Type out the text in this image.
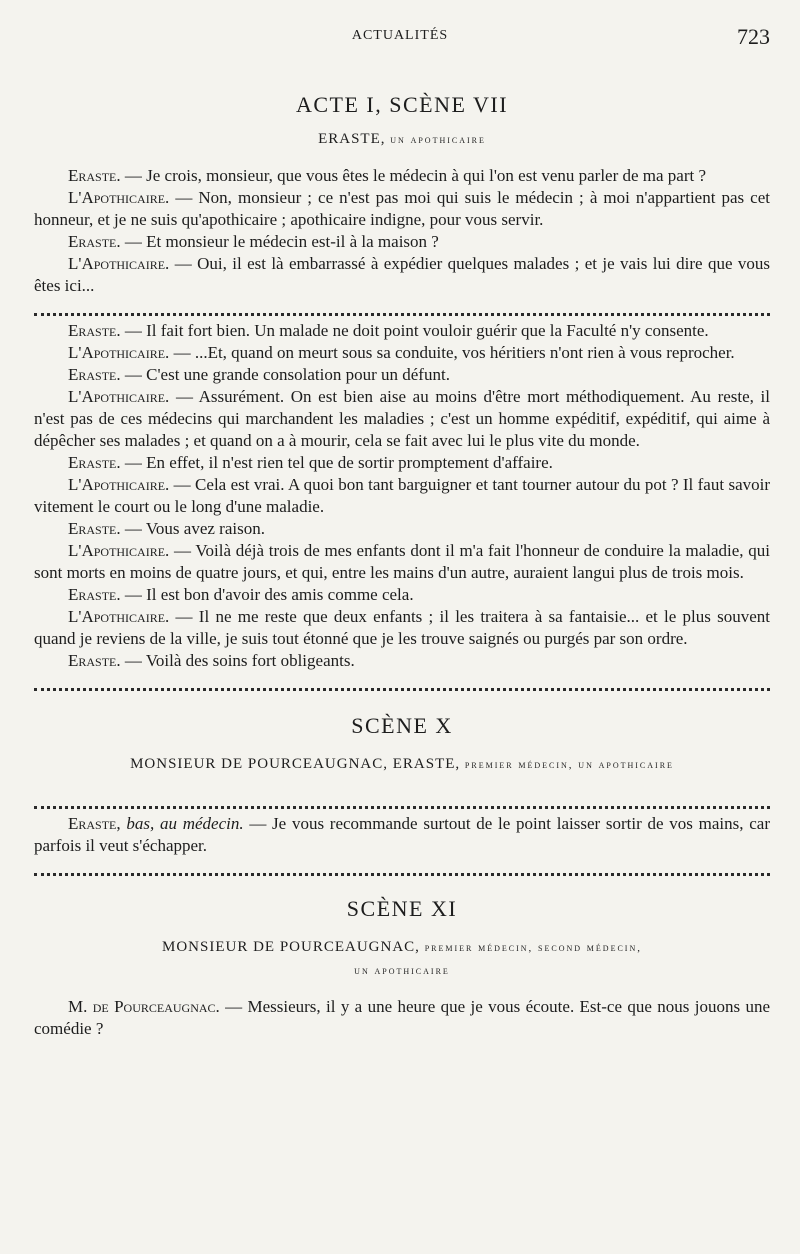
ACTUALITÉS	723
ACTE I, SCÈNE VII
ERASTE, un apothicaire

Eraste. — Je crois, monsieur, que vous êtes le médecin à qui l'on est venu parler de ma part ?

L'Apothicaire. — Non, monsieur ; ce n'est pas moi qui suis le médecin ; à moi n'appartient pas cet honneur, et je ne suis qu'apothicaire ; apothicaire indigne, pour vous servir.

Eraste. — Et monsieur le médecin est-il à la maison ?

L'Apothicaire. — Oui, il est là embarrassé à expédier quelques malades ; et je vais lui dire que vous êtes ici...

Eraste. — Il fait fort bien. Un malade ne doit point vouloir guérir que la Faculté n'y consente.

L'Apothicaire. — ...Et, quand on meurt sous sa conduite, vos héritiers n'ont rien à vous reprocher.

Eraste. — C'est une grande consolation pour un défunt.

L'Apothicaire. — Assurément. On est bien aise au moins d'être mort méthodiquement. Au reste, il n'est pas de ces médecins qui marchandent les maladies ; c'est un homme expéditif, expéditif, qui aime à dépêcher ses malades ; et quand on a à mourir, cela se fait avec lui le plus vite du monde.

Eraste. — En effet, il n'est rien tel que de sortir promptement d'affaire.

L'Apothicaire. — Cela est vrai. A quoi bon tant barguigner et tant tourner autour du pot ? Il faut savoir vitement le court ou le long d'une maladie.

Eraste. — Vous avez raison.

L'Apothicaire. — Voilà déjà trois de mes enfants dont il m'a fait l'honneur de conduire la maladie, qui sont morts en moins de quatre jours, et qui, entre les mains d'un autre, auraient langui plus de trois mois.

Eraste. — Il est bon d'avoir des amis comme cela.

L'Apothicaire. — Il ne me reste que deux enfants ; il les traitera à sa fantaisie... et le plus souvent quand je reviens de la ville, je suis tout étonné que je les trouve saignés ou purgés par son ordre.

Eraste. — Voilà des soins fort obligeants.

SCÈNE X
MONSIEUR DE POURCEAUGNAC, ERASTE, premier médecin, un apothicaire

Eraste, bas, au médecin. — Je vous recommande surtout de le point laisser sortir de vos mains, car parfois il veut s'échapper.

SCÈNE XI
MONSIEUR DE POURCEAUGNAC, premier médecin, second médecin,
un apothicaire

M. de Pourceaugnac. — Messieurs, il y a une heure que je vous écoute. Est-ce que nous jouons une comédie ?
